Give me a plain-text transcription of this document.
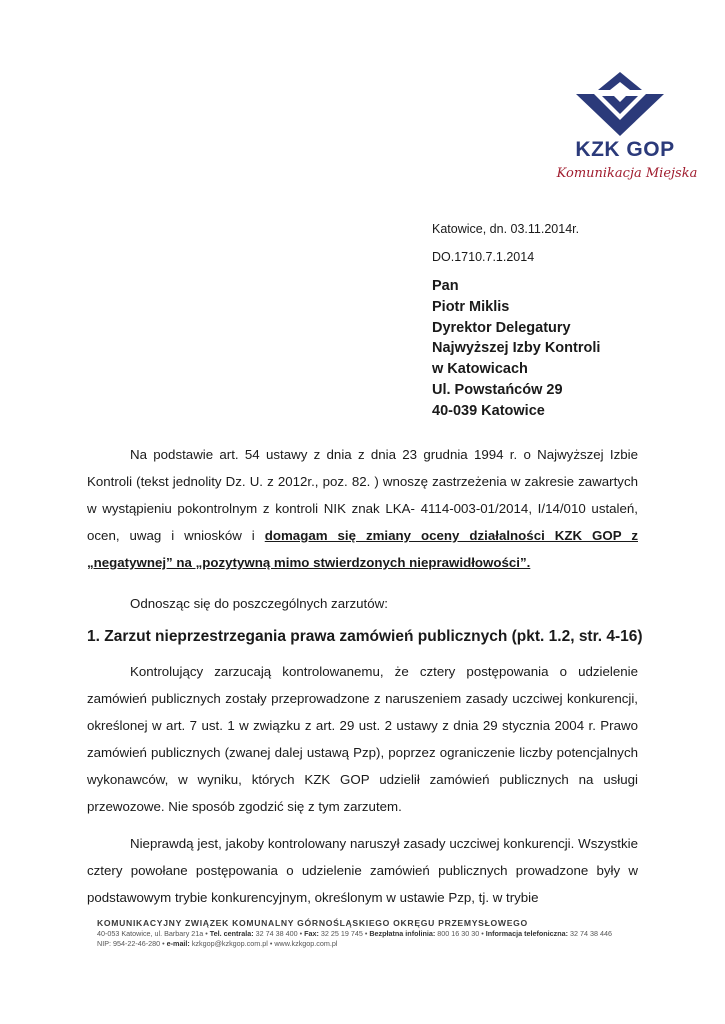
KZK GOP
Komunikacja Miejska
Katowice, dn. 03.11.2014r.
DO.1710.7.1.2014
Pan
Piotr Miklis
Dyrektor Delegatury
Najwyższej Izby Kontroli
w Katowicach
Ul. Powstańców 29
40-039 Katowice
Na podstawie art. 54 ustawy z dnia z dnia 23 grudnia 1994 r. o Najwyższej Izbie Kontroli (tekst jednolity Dz. U. z 2012r., poz. 82. ) wnoszę zastrzeżenia w zakresie zawartych w wystąpieniu pokontrolnym z kontroli NIK znak LKA- 4114-003-01/2014, I/14/010 ustaleń, ocen, uwag i wniosków i domagam się zmiany oceny działalności KZK GOP z „negatywnej” na „pozytywną mimo stwierdzonych nieprawidłowości”.
Odnosząc się do poszczególnych zarzutów:
1. Zarzut nieprzestrzegania prawa zamówień publicznych (pkt. 1.2, str. 4-16)
Kontrolujący zarzucają kontrolowanemu, że cztery postępowania o udzielenie zamówień publicznych zostały przeprowadzone z naruszeniem zasady uczciwej konkurencji, określonej w art. 7 ust. 1 w związku z art. 29 ust. 2 ustawy z dnia 29 stycznia 2004 r. Prawo zamówień publicznych (zwanej dalej ustawą Pzp), poprzez ograniczenie liczby potencjalnych wykonawców, w wyniku, których KZK GOP udzielił zamówień publicznych na usługi przewozowe. Nie sposób zgodzić się z tym zarzutem.
Nieprawdą jest, jakoby kontrolowany naruszył zasady uczciwej konkurencji. Wszystkie cztery powołane postępowania o udzielenie zamówień publicznych prowadzone były w podstawowym trybie konkurencyjnym, określonym w ustawie Pzp, tj. w trybie
KOMUNIKACYJNY ZWIĄZEK KOMUNALNY GÓRNOŚLĄSKIEGO OKRĘGU PRZEMYSŁOWEGO
40-053 Katowice, ul. Barbary 21a • Tel. centrala: 32 74 38 400 • Fax: 32 25 19 745 • Bezpłatna infolinia: 800 16 30 30 • Informacja telefoniczna: 32 74 38 446
NIP: 954-22-46-280 • e-mail: kzkgop@kzkgop.com.pl • www.kzkgop.com.pl
